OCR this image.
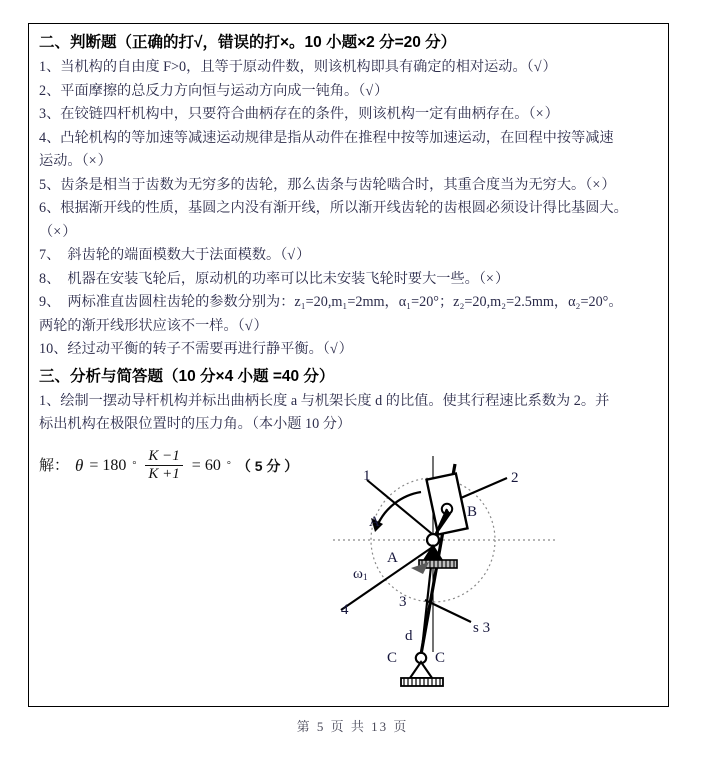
二、判断题（正确的打√，错误的打×。10 小题×2 分=20 分）

1、当机构的自由度 F>0，且等于原动件数，则该机构即具有确定的相对运动。（√）

2、平面摩擦的总反力方向恒与运动方向成一钝角。（√）

3、在铰链四杆机构中，只要符合曲柄存在的条件，则该机构一定有曲柄存在。（×）

4、凸轮机构的等加速等减速运动规律是指从动件在推程中按等加速运动，在回程中按等减速

运动。（×）

5、齿条是相当于齿数为无穷多的齿轮，那么齿条与齿轮啮合时，其重合度当为无穷大。（×）

6、根据渐开线的性质，基圆之内没有渐开线，所以渐开线齿轮的齿根圆必须设计得比基圆大。

（×）

7、 斜齿轮的端面模数大于法面模数。（√）

8、 机器在安装飞轮后，原动机的功率可以比未安装飞轮时要大一些。（×）

9、 两标准直齿圆柱齿轮的参数分别为：z₁=20,m₁=2mm，α₁=20°；z₂=20,m₂=2.5mm，α₂=20°。

两轮的渐开线形状应该不一样。（√）

10、经过动平衡的转子不需要再进行静平衡。（√）

三、分析与简答题（10 分×4 小题 =40 分）

1、绘制一摆动导杆机构并标出曲柄长度 a 与机架长度 d 的比值。使其行程速比系数为 2。并

标出机构在极限位置时的压力角。（本小题 10 分）

解： θ = 180 ° $\frac{K -1}{K +1} = 60$ ° （ 5 分 ）
1	2
B
A
A
$\omega_1$
4	3
s 3
d
C	C
第 5 页 共 13 页
